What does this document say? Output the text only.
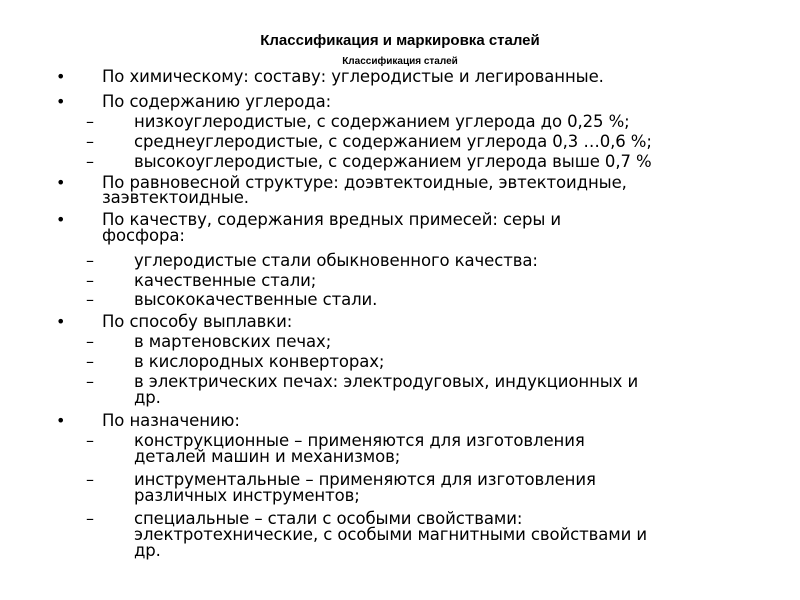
Классификация и маркировка сталей
Классификация сталей
• По химическому: составу: углеродистые и легированные.
• По содержанию углерода:
– низкоуглеродистые, с содержанием углерода до 0,25 %;
– среднеуглеродистые, с содержанием углерода 0,3 …0,6 %;
– высокоуглеродистые, с содержанием углерода выше 0,7 %
• По равновесной структуре: доэвтектоидные, эвтектоидные,
заэвтектоидные.
• По качеству, содержания вредных примесей: серы и
фосфора:
– углеродистые стали обыкновенного качества:
– качественные стали;
– высококачественные стали.
• По способу выплавки:
– в мартеновских печах;
– в кислородных конверторах;
– в электрических печах: электродуговых, индукционных и
др.
• По назначению:
– конструкционные – применяются для изготовления
деталей машин и механизмов;
– инструментальные – применяются для изготовления
различных инструментов;
– специальные – стали с особыми свойствами:
электротехнические, с особыми магнитными свойствами и
др.
